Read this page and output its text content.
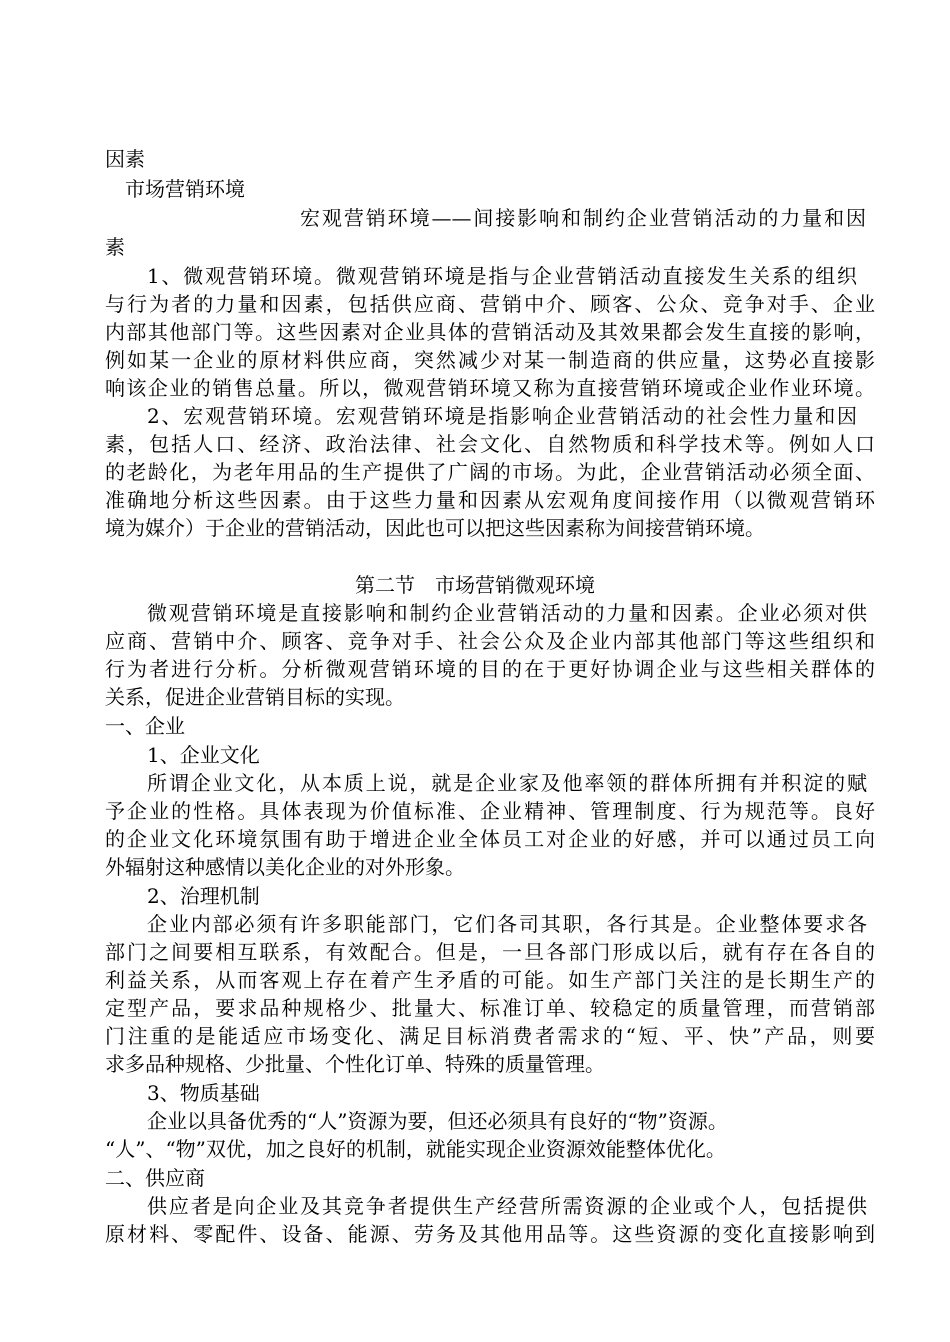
因素
市场营销环境
宏观营销环境——间接影响和制约企业营销活动的力量和因
素
1、微观营销环境。微观营销环境是指与企业营销活动直接发生关系的组织
与行为者的力量和因素，包括供应商、营销中介、顾客、公众、竞争对手、企业
内部其他部门等。这些因素对企业具体的营销活动及其效果都会发生直接的影响，
例如某一企业的原材料供应商，突然减少对某一制造商的供应量，这势必直接影
响该企业的销售总量。所以，微观营销环境又称为直接营销环境或企业作业环境。
2、宏观营销环境。宏观营销环境是指影响企业营销活动的社会性力量和因
素，包括人口、经济、政治法律、社会文化、自然物质和科学技术等。例如人口
的老龄化，为老年用品的生产提供了广阔的市场。为此，企业营销活动必须全面、
准确地分析这些因素。由于这些力量和因素从宏观角度间接作用（以微观营销环
境为媒介）于企业的营销活动，因此也可以把这些因素称为间接营销环境。
第二节　市场营销微观环境
微观营销环境是直接影响和制约企业营销活动的力量和因素。企业必须对供
应商、营销中介、顾客、竞争对手、社会公众及企业内部其他部门等这些组织和
行为者进行分析。分析微观营销环境的目的在于更好协调企业与这些相关群体的
关系，促进企业营销目标的实现。
一、企业
1、企业文化
所谓企业文化，从本质上说，就是企业家及他率领的群体所拥有并积淀的赋
予企业的性格。具体表现为价值标准、企业精神、管理制度、行为规范等。良好
的企业文化环境氛围有助于增进企业全体员工对企业的好感，并可以通过员工向
外辐射这种感情以美化企业的对外形象。
2、治理机制
企业内部必须有许多职能部门，它们各司其职，各行其是。企业整体要求各
部门之间要相互联系，有效配合。但是，一旦各部门形成以后，就有存在各自的
利益关系，从而客观上存在着产生矛盾的可能。如生产部门关注的是长期生产的
定型产品，要求品种规格少、批量大、标准订单、较稳定的质量管理，而营销部
门注重的是能适应市场变化、满足目标消费者需求的“短、平、快”产品，则要
求多品种规格、少批量、个性化订单、特殊的质量管理。
3、物质基础
企业以具备优秀的“人”资源为要，但还必须具有良好的“物”资源。
“人”、“物”双优，加之良好的机制，就能实现企业资源效能整体优化。
二、供应商
供应者是向企业及其竞争者提供生产经营所需资源的企业或个人，包括提供
原材料、零配件、设备、能源、劳务及其他用品等。这些资源的变化直接影响到
